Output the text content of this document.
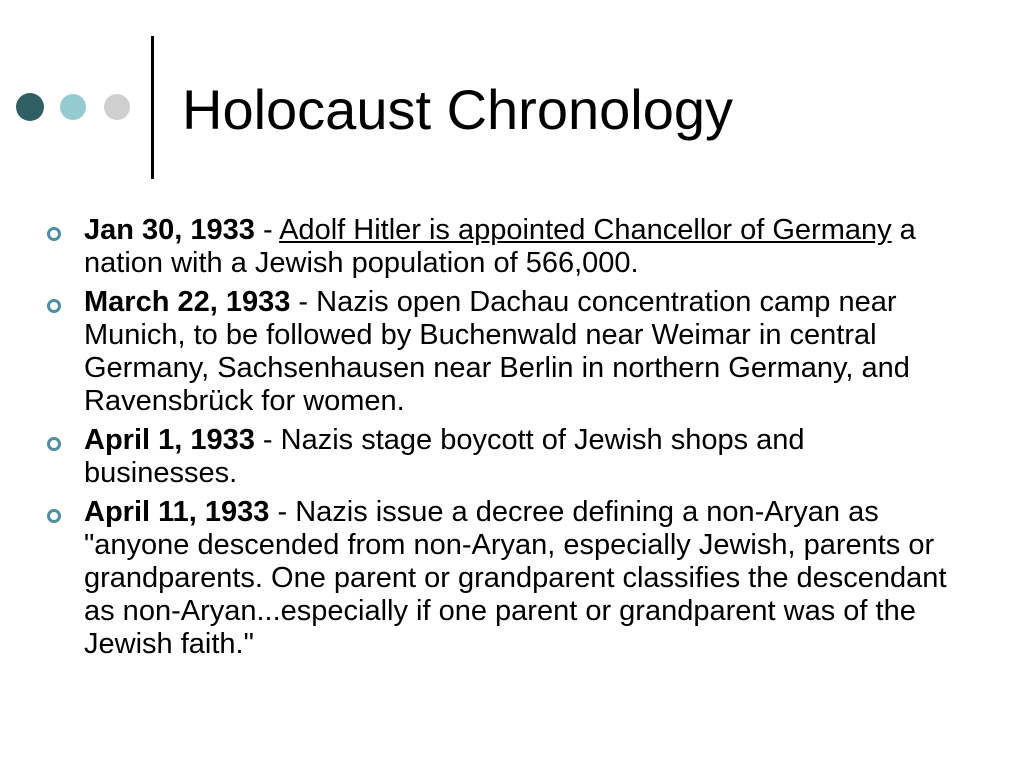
Holocaust Chronology
Jan 30, 1933 - Adolf Hitler is appointed Chancellor of Germany a nation with a Jewish population of 566,000.
March 22, 1933 - Nazis open Dachau concentration camp near Munich, to be followed by Buchenwald near Weimar in central Germany, Sachsenhausen near Berlin in northern Germany, and Ravensbrück for women.
April 1, 1933 - Nazis stage boycott of Jewish shops and businesses.
April 11, 1933 - Nazis issue a decree defining a non-Aryan as "anyone descended from non-Aryan, especially Jewish, parents or grandparents. One parent or grandparent classifies the descendant as non-Aryan...especially if one parent or grandparent was of the Jewish faith."
